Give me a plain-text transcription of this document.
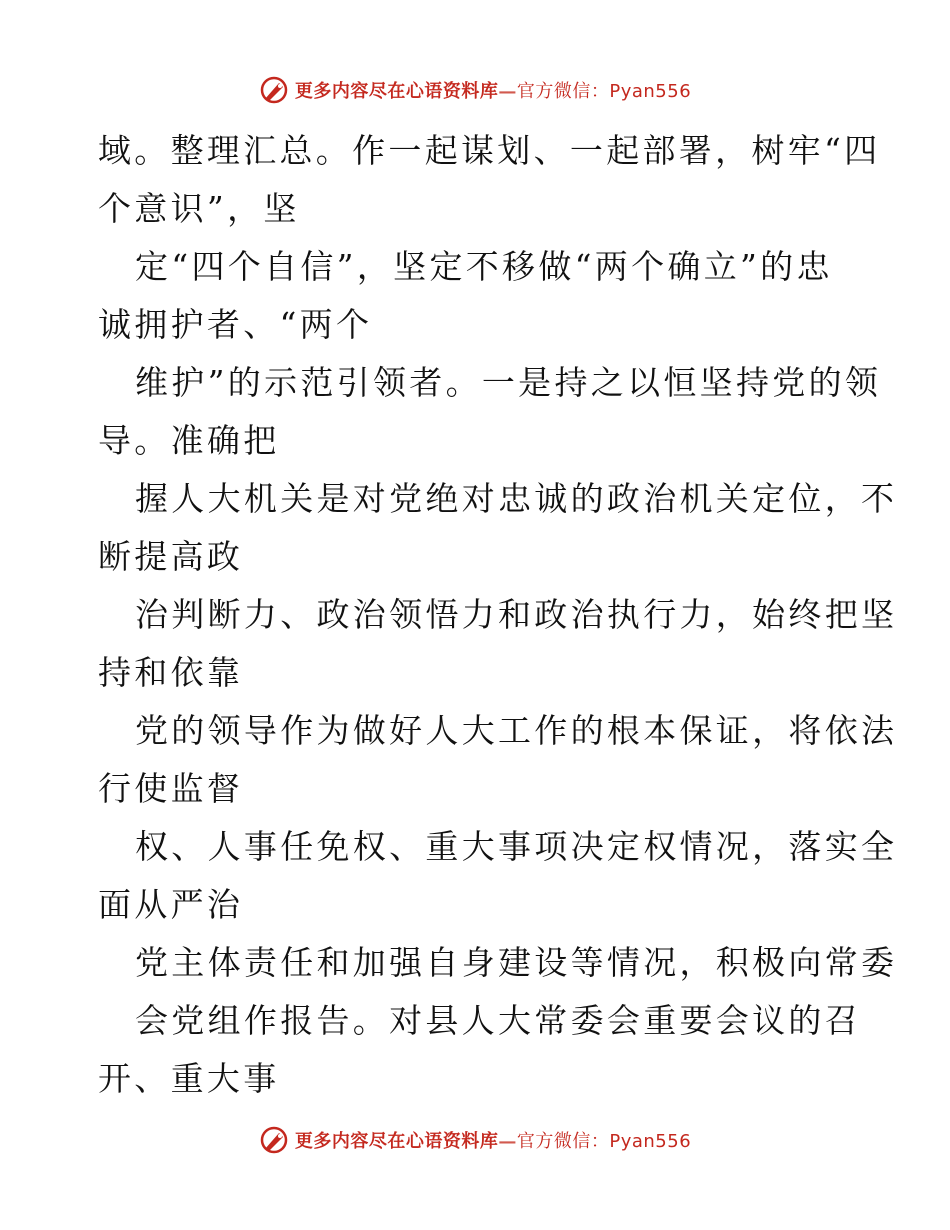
更多内容尽在心语资料库—官方微信：Pyan556
域。整理汇总。作一起谋划、一起部署，树牢“四
个意识”，坚
定“四个自信”，坚定不移做“两个确立”的忠
诚拥护者、“两个
维护”的示范引领者。一是持之以恒坚持党的领
导。准确把
握人大机关是对党绝对忠诚的政治机关定位，不
断提高政
治判断力、政治领悟力和政治执行力，始终把坚
持和依靠
党的领导作为做好人大工作的根本保证，将依法
行使监督
权、人事任免权、重大事项决定权情况，落实全
面从严治
党主体责任和加强自身建设等情况，积极向常委
会党组作报告。对县人大常委会重要会议的召
开、重大事
更多内容尽在心语资料库—官方微信：Pyan556
